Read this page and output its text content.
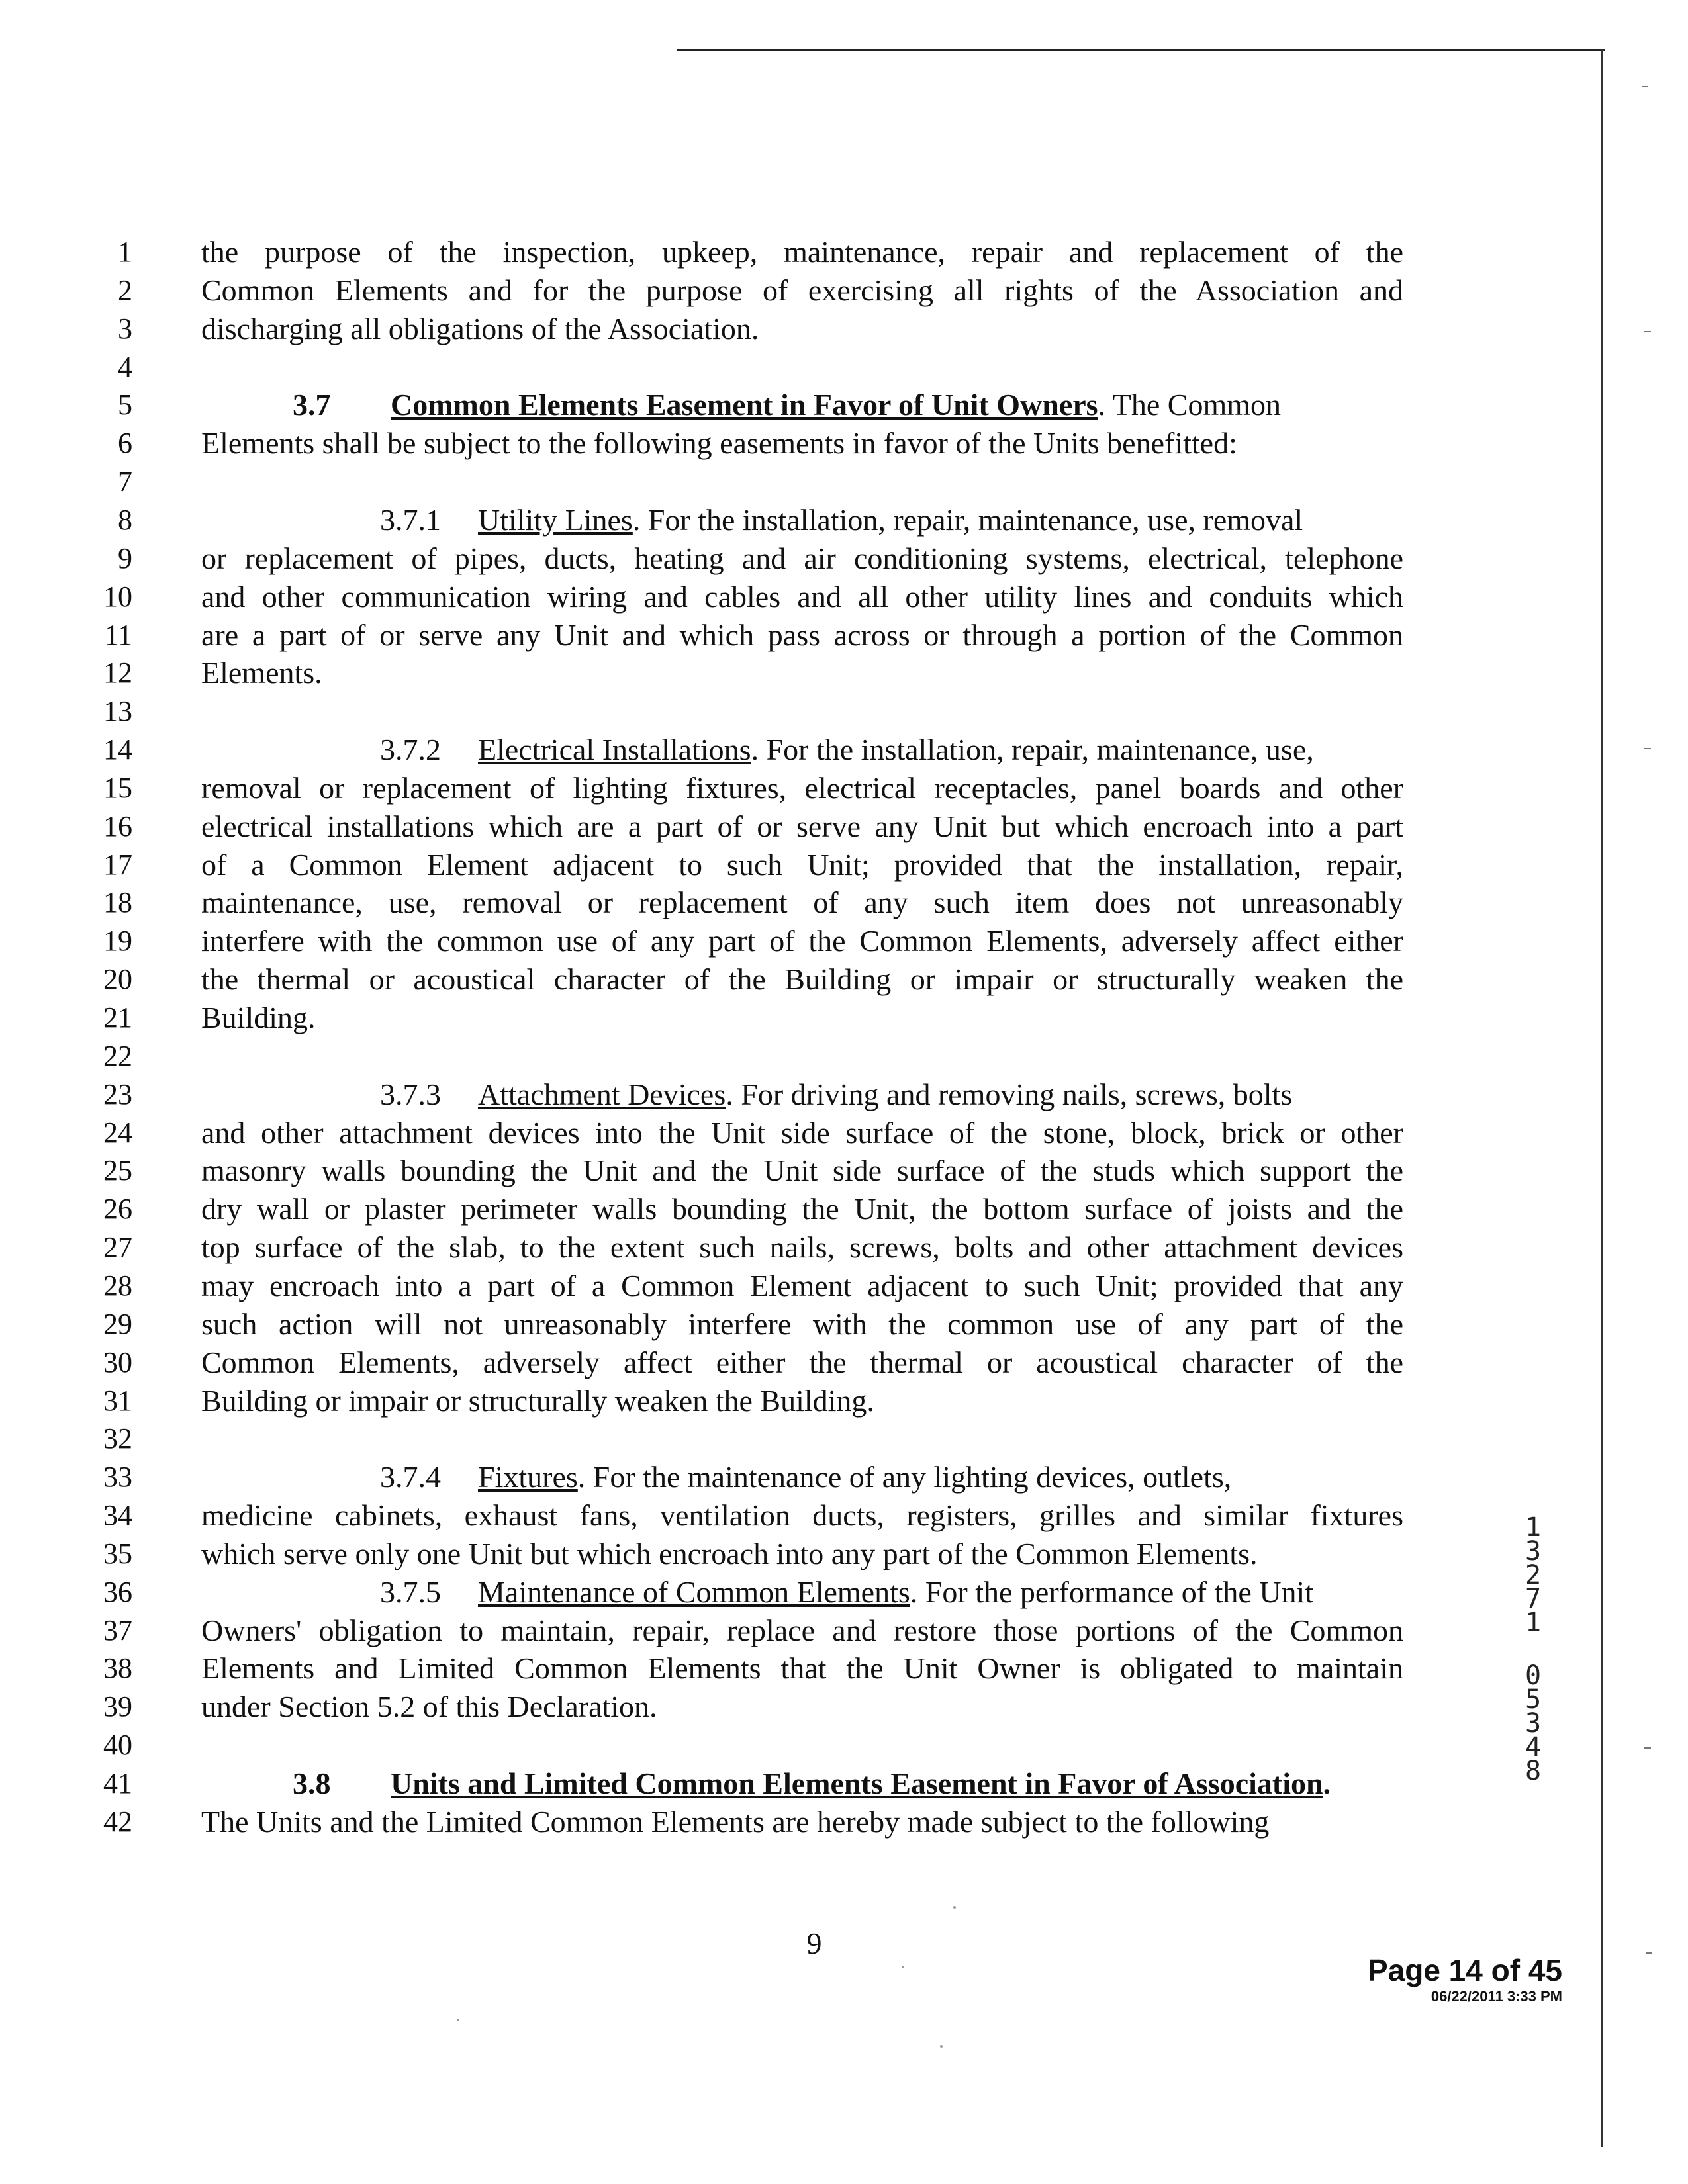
1 the purpose of the inspection, upkeep, maintenance, repair and replacement of the
2 Common Elements and for the purpose of exercising all rights of the Association and
3 discharging all obligations of the Association.
4
5	3.7 Common Elements Easement in Favor of Unit Owners. The Common
6 Elements shall be subject to the following easements in favor of the Units benefitted:
7
8	3.7.1 Utility Lines. For the installation, repair, maintenance, use, removal
9 or replacement of pipes, ducts, heating and air conditioning systems, electrical, telephone
10 and other communication wiring and cables and all other utility lines and conduits which
11 are a part of or serve any Unit and which pass across or through a portion of the Common
12 Elements.
13
14	3.7.2 Electrical Installations. For the installation, repair, maintenance, use,
15 removal or replacement of lighting fixtures, electrical receptacles, panel boards and other
16 electrical installations which are a part of or serve any Unit but which encroach into a part
17 of a Common Element adjacent to such Unit; provided that the installation, repair,
18 maintenance, use, removal or replacement of any such item does not unreasonably
19 interfere with the common use of any part of the Common Elements, adversely affect either
20 the thermal or acoustical character of the Building or impair or structurally weaken the
21 Building.
22
23	3.7.3 Attachment Devices. For driving and removing nails, screws, bolts
24 and other attachment devices into the Unit side surface of the stone, block, brick or other
25 masonry walls bounding the Unit and the Unit side surface of the studs which support the
26 dry wall or plaster perimeter walls bounding the Unit, the bottom surface of joists and the
27 top surface of the slab, to the extent such nails, screws, bolts and other attachment devices
28 may encroach into a part of a Common Element adjacent to such Unit; provided that any
29 such action will not unreasonably interfere with the common use of any part of the
30 Common Elements, adversely affect either the thermal or acoustical character of the
31 Building or impair or structurally weaken the Building.
32
33	3.7.4 Fixtures. For the maintenance of any lighting devices, outlets,
34 medicine cabinets, exhaust fans, ventilation ducts, registers, grilles and similar fixtures
35 which serve only one Unit but which encroach into any part of the Common Elements.
36	3.7.5 Maintenance of Common Elements. For the performance of the Unit
37 Owners' obligation to maintain, repair, replace and restore those portions of the Common
38 Elements and Limited Common Elements that the Unit Owner is obligated to maintain
39 under Section 5.2 of this Declaration.
40
41	3.8 Units and Limited Common Elements Easement in Favor of Association.
42 The Units and the Limited Common Elements are hereby made subject to the following
9
Page 14 of 45
06/22/2011 3:33 PM
1
3
2
7
1
0
5
3
4
8
